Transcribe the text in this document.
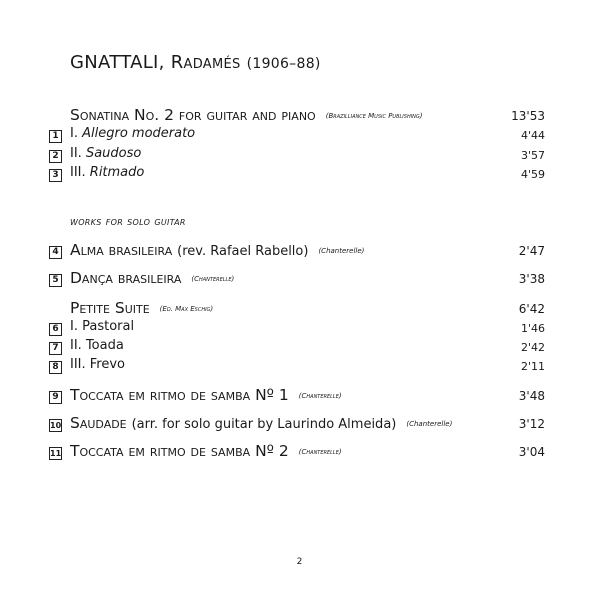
GNATTALI, Radamés (1906–88)
Sonatina No. 2 for guitar and piano (Brazilliance Music Publishing)	13'53
1 I. Allegro moderato	4'44
2 II. Saudoso	3'57
3 III. Ritmado	4'59
works for solo guitar
4 Alma brasileira (rev. Rafael Rabello) (Chanterelle)	2'47
5 Dança brasileira (Chanterelle)	3'38
Petite Suite (Ed. Max Eschig)	6'42
6 I. Pastoral	1'46
7 II. Toada	2'42
8 III. Frevo	2'11
9 Toccata em ritmo de samba Nº 1 (Chanterelle)	3'48
10 Saudade (arr. for solo guitar by Laurindo Almeida) (Chanterelle)	3'12
11 Toccata em ritmo de samba Nº 2 (Chanterelle)	3'04
2
